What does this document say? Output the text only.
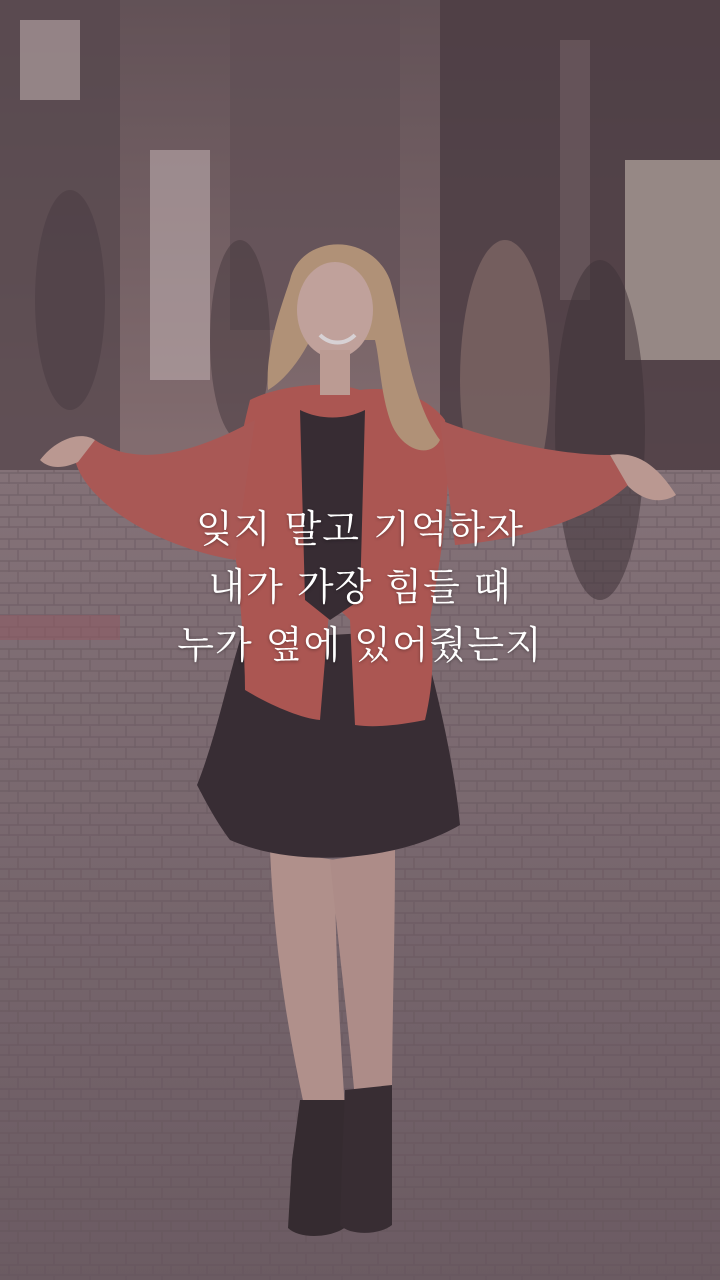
잊지 말고 기억하자
내가 가장 힘들 때
누가 옆에 있어줬는지
